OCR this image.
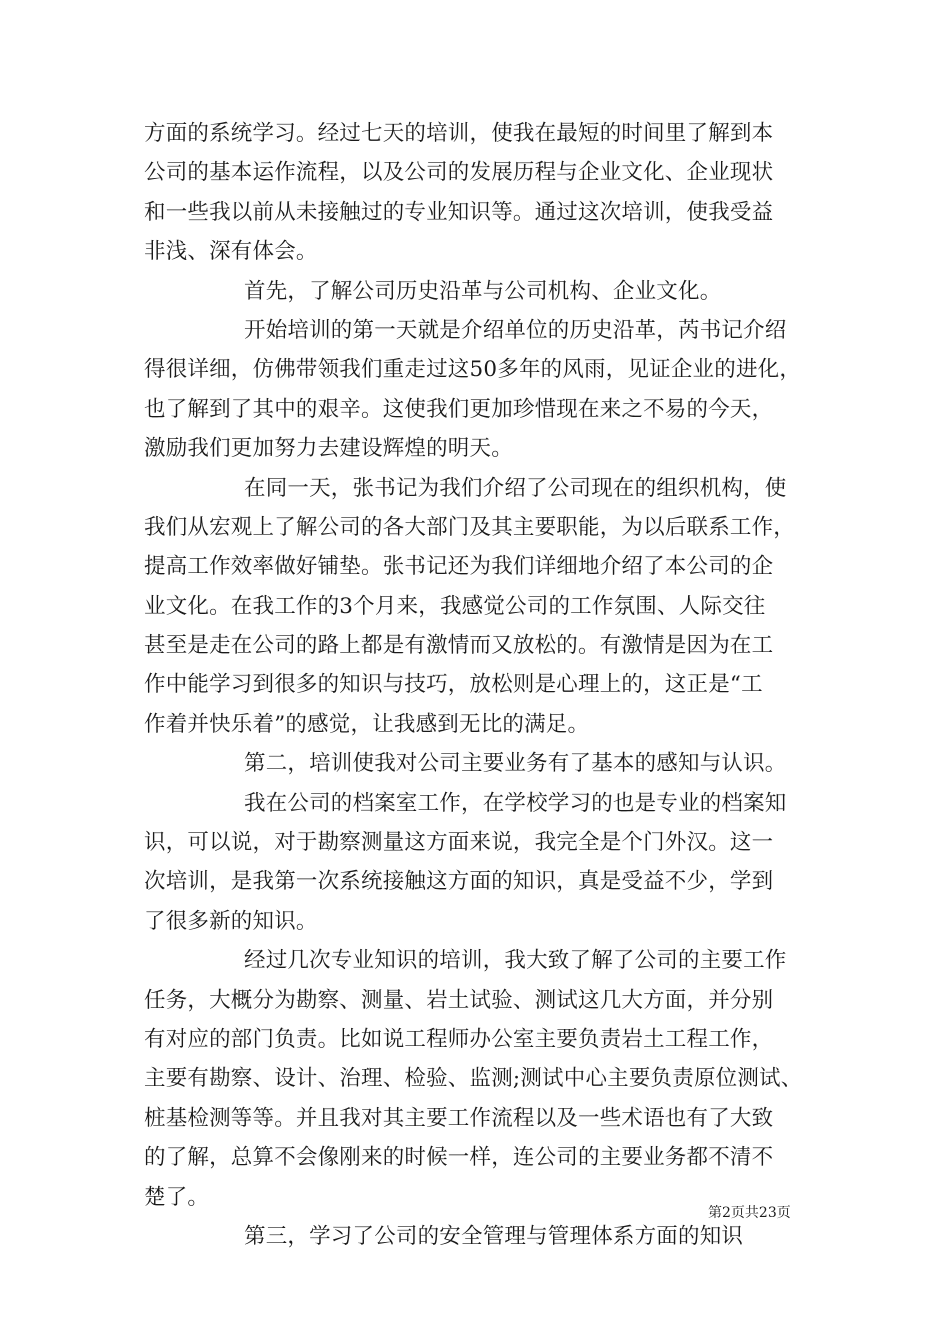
方面的系统学习。经过七天的培训，使我在最短的时间里了解到本
公司的基本运作流程，以及公司的发展历程与企业文化、企业现状
和一些我以前从未接触过的专业知识等。通过这次培训，使我受益
非浅、深有体会。
首先，了解公司历史沿革与公司机构、企业文化。
开始培训的第一天就是介绍单位的历史沿革，芮书记介绍
得很详细，仿佛带领我们重走过这50多年的风雨，见证企业的进化，
也了解到了其中的艰辛。这使我们更加珍惜现在来之不易的今天，
激励我们更加努力去建设辉煌的明天。
在同一天，张书记为我们介绍了公司现在的组织机构，使
我们从宏观上了解公司的各大部门及其主要职能，为以后联系工作，
提高工作效率做好铺垫。张书记还为我们详细地介绍了本公司的企
业文化。在我工作的3个月来，我感觉公司的工作氛围、人际交往
甚至是走在公司的路上都是有激情而又放松的。有激情是因为在工
作中能学习到很多的知识与技巧，放松则是心理上的，这正是“工
作着并快乐着”的感觉，让我感到无比的满足。
第二，培训使我对公司主要业务有了基本的感知与认识。
我在公司的档案室工作，在学校学习的也是专业的档案知
识，可以说，对于勘察测量这方面来说，我完全是个门外汉。这一
次培训，是我第一次系统接触这方面的知识，真是受益不少，学到
了很多新的知识。
经过几次专业知识的培训，我大致了解了公司的主要工作
任务，大概分为勘察、测量、岩土试验、测试这几大方面，并分别
有对应的部门负责。比如说工程师办公室主要负责岩土工程工作，
主要有勘察、设计、治理、检验、监测;测试中心主要负责原位测试、
桩基检测等等。并且我对其主要工作流程以及一些术语也有了大致
的了解，总算不会像刚来的时候一样，连公司的主要业务都不清不
楚了。
第三，学习了公司的安全管理与管理体系方面的知识
第2页共23页
